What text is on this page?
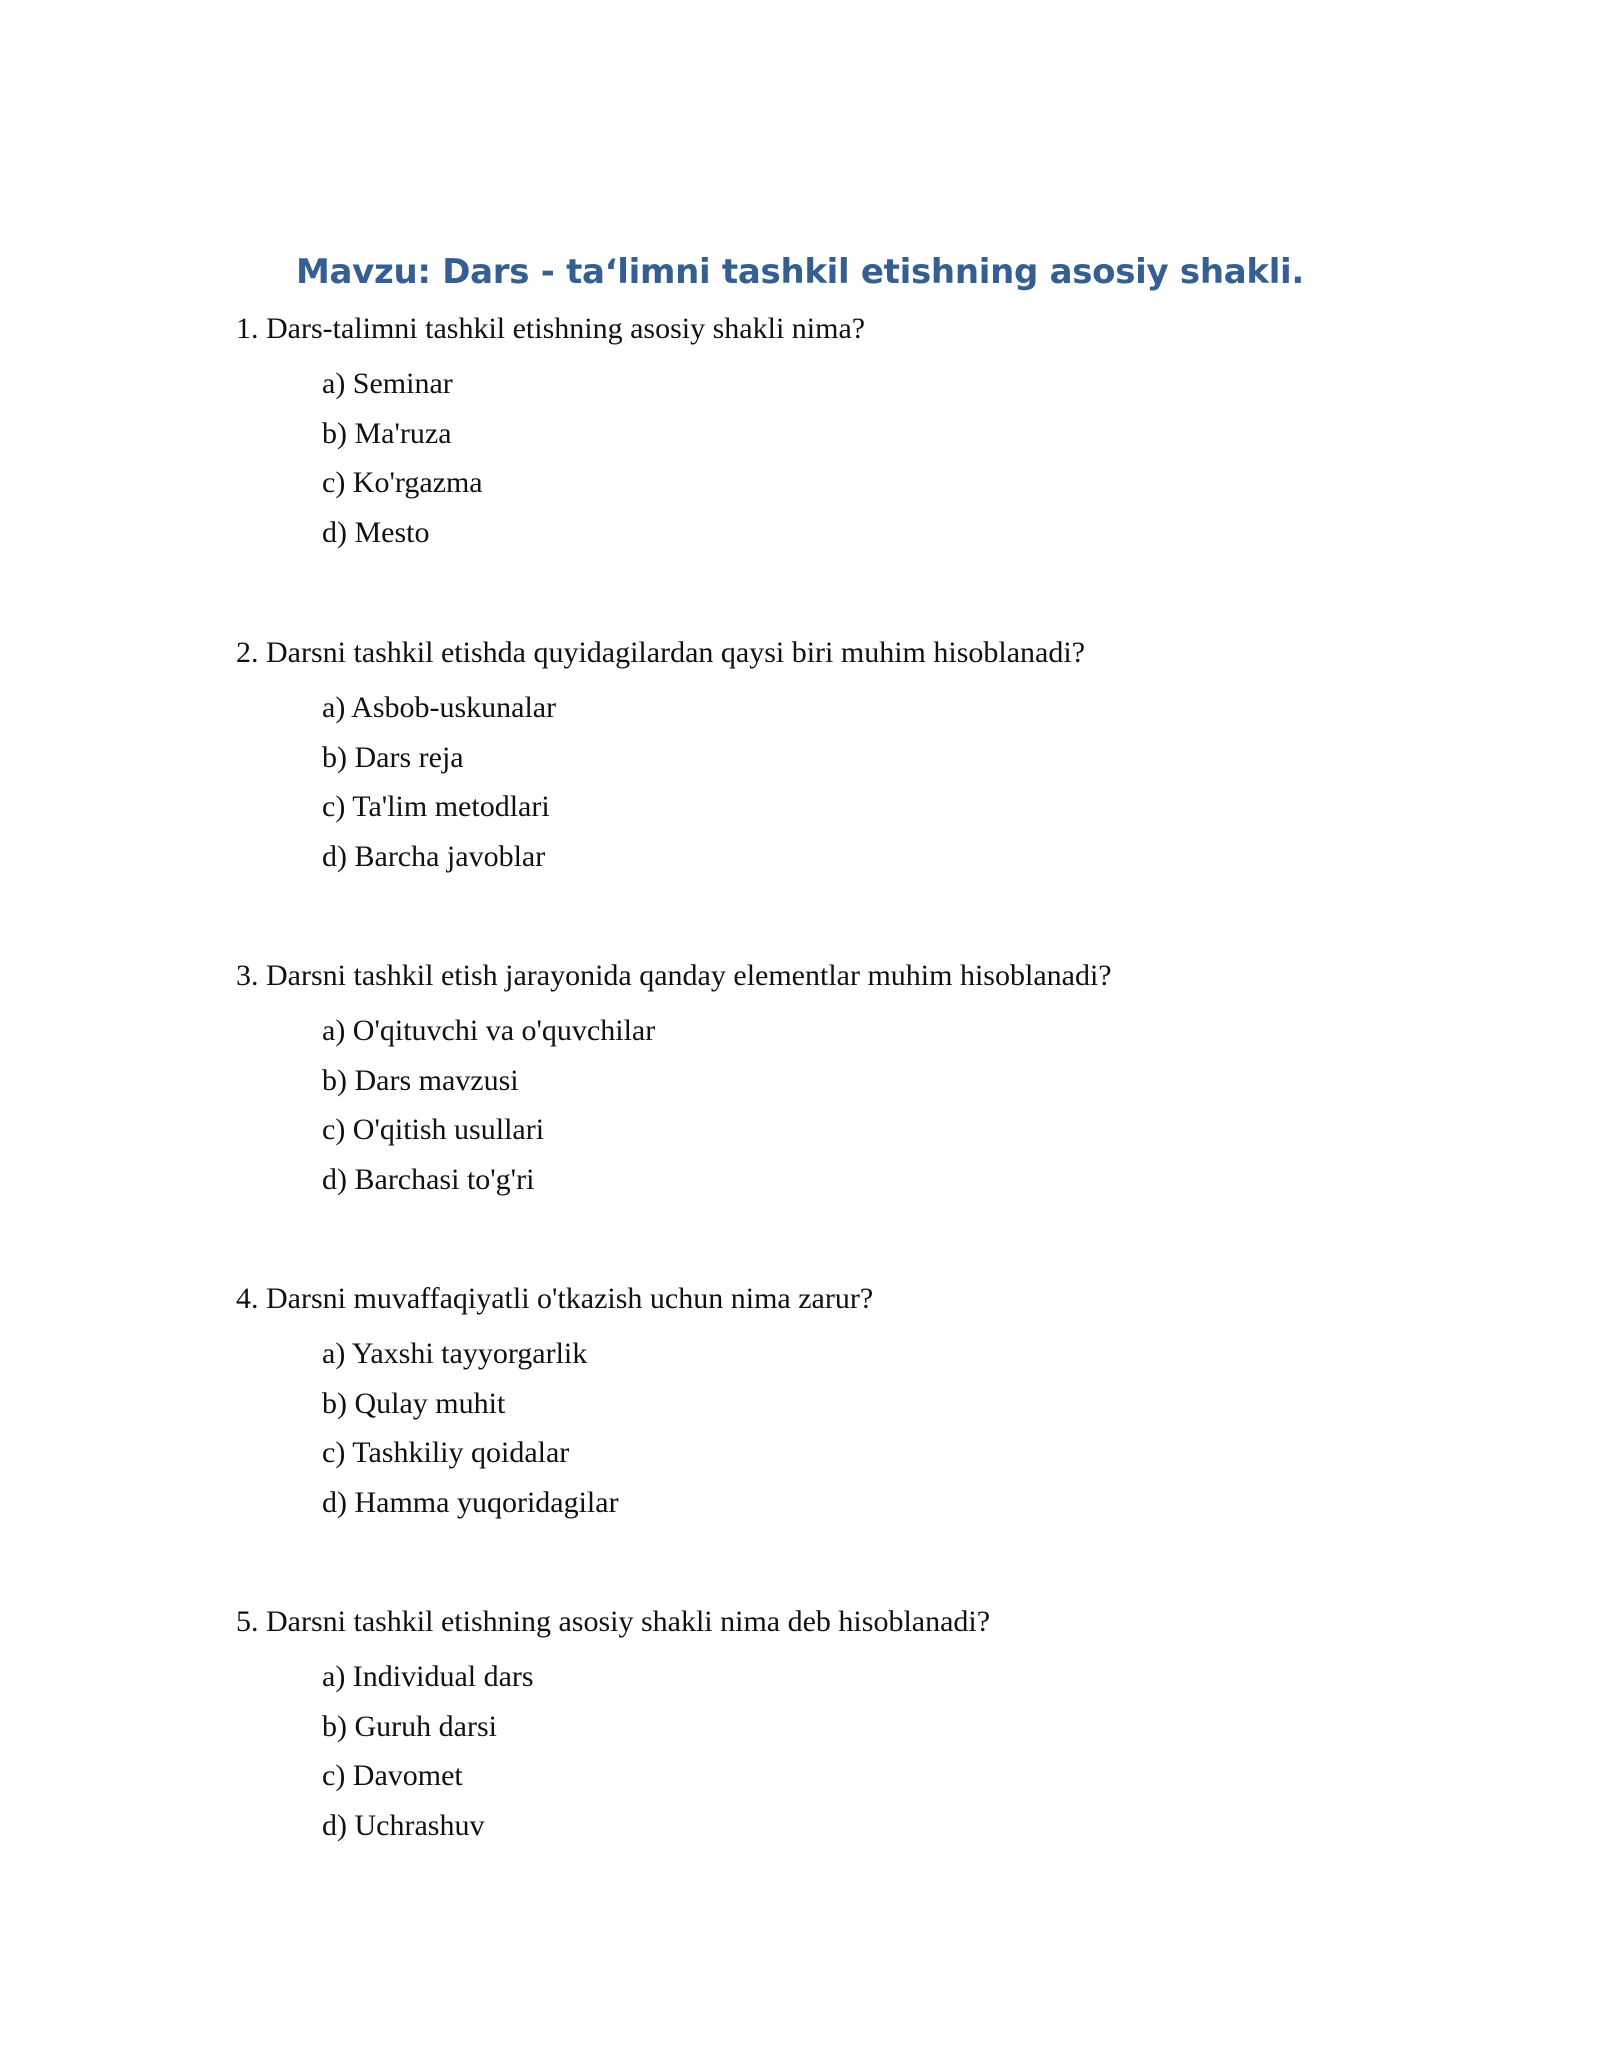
Mavzu: Dars - ta‘limni tashkil etishning asosiy shakli.
1. Dars-talimni tashkil etishning asosiy shakli nima?
a) Seminar
b) Ma'ruza
c) Ko'rgazma
d) Mesto
2. Darsni tashkil etishda quyidagilardan qaysi biri muhim hisoblanadi?
a) Asbob-uskunalar
b) Dars reja
c) Ta'lim metodlari
d) Barcha javoblar
3. Darsni tashkil etish jarayonida qanday elementlar muhim hisoblanadi?
a) O'qituvchi va o'quvchilar
b) Dars mavzusi
c) O'qitish usullari
d) Barchasi to'g'ri
4. Darsni muvaffaqiyatli o'tkazish uchun nima zarur?
a) Yaxshi tayyorgarlik
b) Qulay muhit
c) Tashkiliy qoidalar
d) Hamma yuqoridagilar
5. Darsni tashkil etishning asosiy shakli nima deb hisoblanadi?
a) Individual dars
b) Guruh darsi
c) Davomet
d) Uchrashuv
